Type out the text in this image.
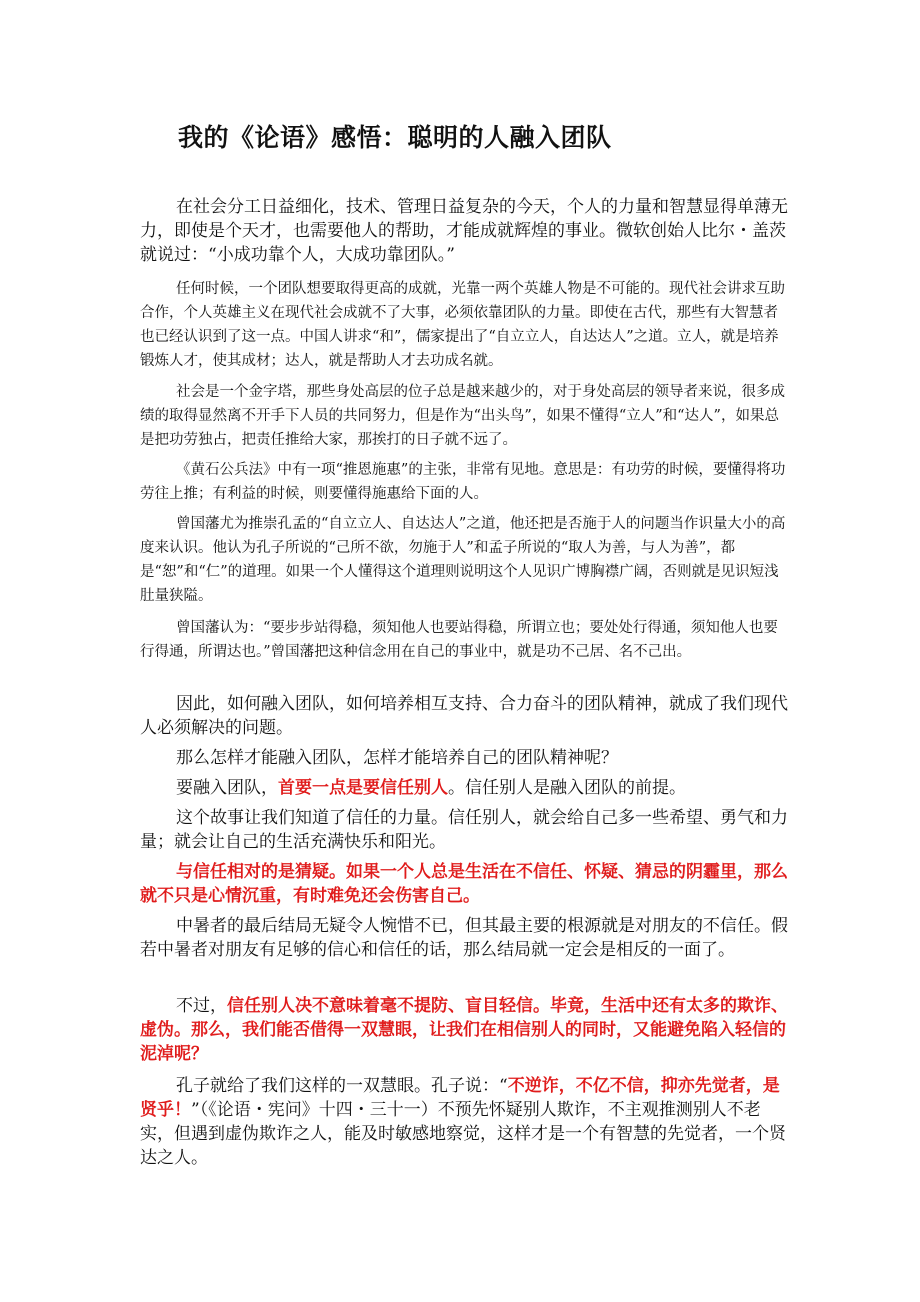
我的《论语》感悟：聪明的人融入团队

在社会分工日益细化，技术、管理日益复杂的今天，个人的力量和智慧显得单薄无力，即使是个天才，也需要他人的帮助，才能成就辉煌的事业。微软创始人比尔・盖茨就说过：“小成功靠个人，大成功靠团队。”

任何时候，一个团队想要取得更高的成就，光靠一两个英雄人物是不可能的。现代社会讲求互助合作，个人英雄主义在现代社会成就不了大事，必须依靠团队的力量。即使在古代，那些有大智慧者也已经认识到了这一点。中国人讲求“和”，儒家提出了“自立立人，自达达人”之道。立人，就是培养锻炼人才，使其成材；达人，就是帮助人才去功成名就。

社会是一个金字塔，那些身处高层的位子总是越来越少的，对于身处高层的领导者来说，很多成绩的取得显然离不开手下人员的共同努力，但是作为“出头鸟”，如果不懂得“立人”和“达人”，如果总是把功劳独占，把责任推给大家，那挨打的日子就不远了。

《黄石公兵法》中有一项“推恩施惠”的主张，非常有见地。意思是：有功劳的时候，要懂得将功劳往上推；有利益的时候，则要懂得施惠给下面的人。

曾国藩尤为推崇孔孟的“自立立人、自达达人”之道，他还把是否施于人的问题当作识量大小的高度来认识。他认为孔子所说的“己所不欲，勿施于人”和孟子所说的“取人为善，与人为善”，都是“恕”和“仁”的道理。如果一个人懂得这个道理则说明这个人见识广博胸襟广阔，否则就是见识短浅肚量狭隘。

曾国藩认为：“要步步站得稳，须知他人也要站得稳，所谓立也；要处处行得通，须知他人也要行得通，所谓达也。”曾国藩把这种信念用在自己的事业中，就是功不己居、名不己出。

因此，如何融入团队，如何培养相互支持、合力奋斗的团队精神，就成了我们现代人必须解决的问题。

那么怎样才能融入团队，怎样才能培养自己的团队精神呢？

要融入团队，首要一点是要信任别人。信任别人是融入团队的前提。

这个故事让我们知道了信任的力量。信任别人，就会给自己多一些希望、勇气和力量；就会让自己的生活充满快乐和阳光。

与信任相对的是猜疑。如果一个人总是生活在不信任、怀疑、猜忌的阴霾里，那么就不只是心情沉重，有时难免还会伤害自己。

中暑者的最后结局无疑令人惋惜不已，但其最主要的根源就是对朋友的不信任。假若中暑者对朋友有足够的信心和信任的话，那么结局就一定会是相反的一面了。

不过，信任别人决不意味着毫不提防、盲目轻信。毕竟，生活中还有太多的欺诈、虚伪。那么，我们能否借得一双慧眼，让我们在相信别人的同时，又能避免陷入轻信的泥淖呢？

孔子就给了我们这样的一双慧眼。孔子说：“不逆诈，不亿不信，抑亦先觉者，是贤乎！”（《论语・宪问》十四・三十一）不预先怀疑别人欺诈，不主观推测别人不老实，但遇到虚伪欺诈之人，能及时敏感地察觉，这样才是一个有智慧的先觉者，一个贤达之人。
